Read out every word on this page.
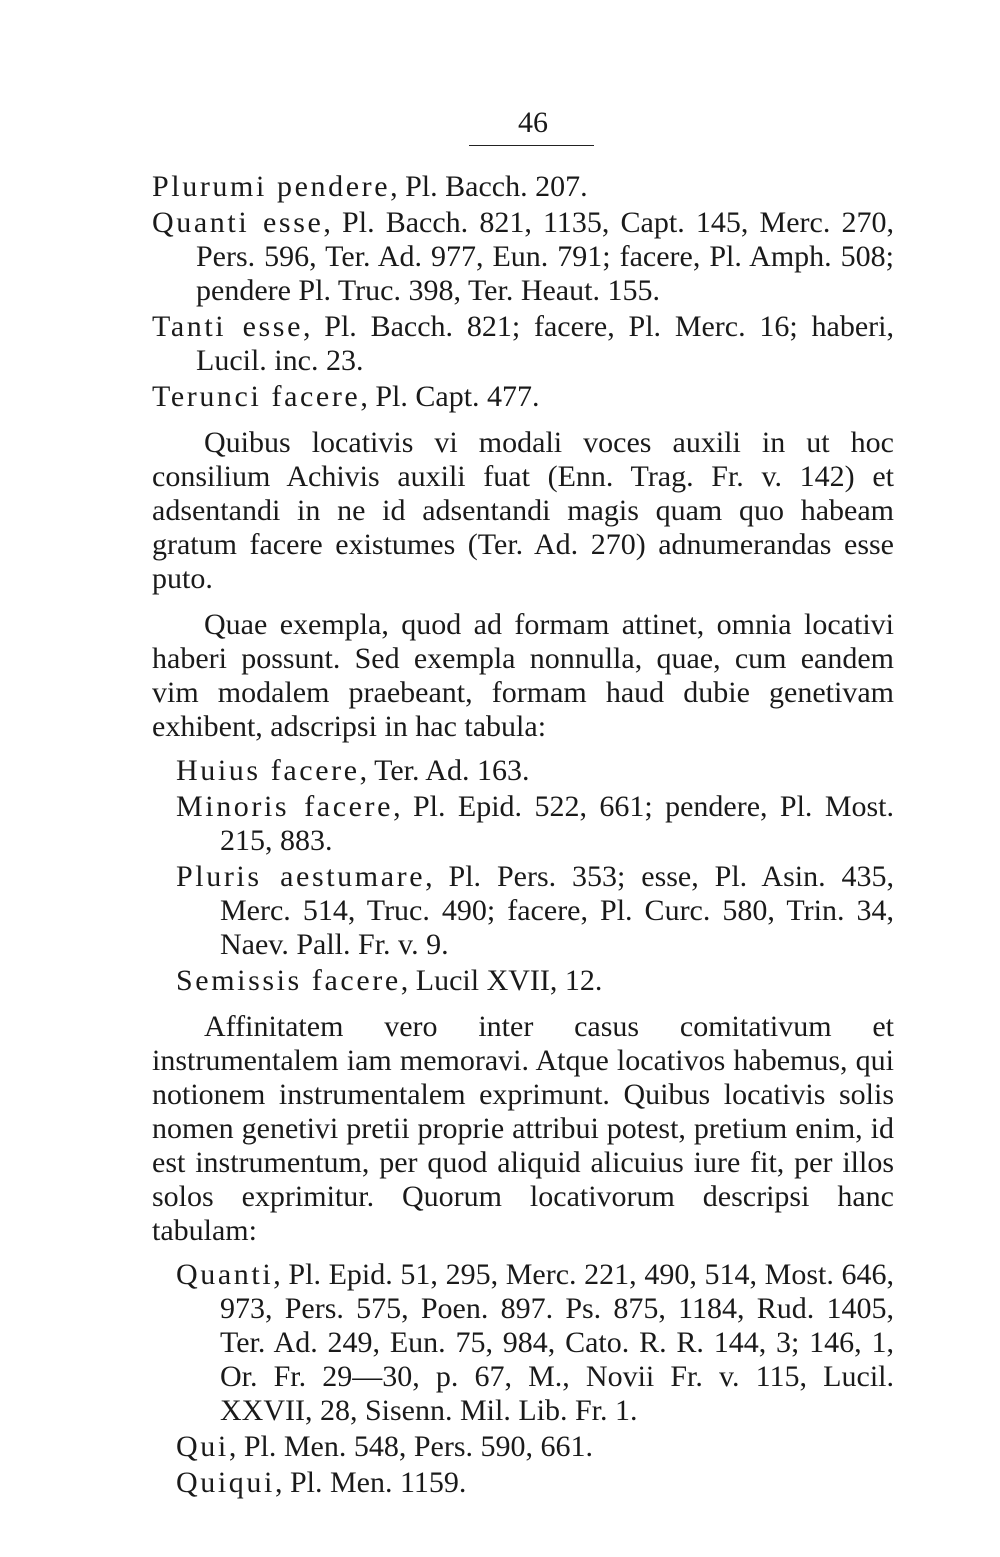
46

Plurumi pendere, Pl. Bacch. 207.

Quanti esse, Pl. Bacch. 821, 1135, Capt. 145, Merc. 270, Pers. 596, Ter. Ad. 977, Eun. 791; facere, Pl. Amph. 508; pendere Pl. Truc. 398, Ter. Heaut. 155.

Tanti esse, Pl. Bacch. 821; facere, Pl. Merc. 16; haberi, Lucil. inc. 23.

Terunci facere, Pl. Capt. 477.

Quibus locativis vi modali voces auxili in ut hoc consilium Achivis auxili fuat (Enn. Trag. Fr. v. 142) et adsentandi in ne id adsentandi magis quam quo habeam gratum facere existumes (Ter. Ad. 270) adnumerandas esse puto.

Quae exempla, quod ad formam attinet, omnia locativi haberi possunt. Sed exempla nonnulla, quae, cum eandem vim modalem praebeant, formam haud dubie genetivam exhibent, adscripsi in hac tabula:

Huius facere, Ter. Ad. 163.

Minoris facere, Pl. Epid. 522, 661; pendere, Pl. Most. 215, 883.

Pluris aestumare, Pl. Pers. 353; esse, Pl. Asin. 435, Merc. 514, Truc. 490; facere, Pl. Curc. 580, Trin. 34, Naev. Pall. Fr. v. 9.

Semissis facere, Lucil XVII, 12.

Affinitatem vero inter casus comitativum et instrumentalem iam memoravi. Atque locativos habemus, qui notionem instrumentalem exprimunt. Quibus locativis solis nomen genetivi pretii proprie attribui potest, pretium enim, id est instrumentum, per quod aliquid alicuius iure fit, per illos solos exprimitur. Quorum locativorum descripsi hanc tabulam:

Quanti, Pl. Epid. 51, 295, Merc. 221, 490, 514, Most. 646, 973, Pers. 575, Poen. 897. Ps. 875, 1184, Rud. 1405, Ter. Ad. 249, Eun. 75, 984, Cato. R. R. 144, 3; 146, 1, Or. Fr. 29—30, p. 67, M., Novii Fr. v. 115, Lucil. XXVII, 28, Sisenn. Mil. Lib. Fr. 1.

Qui, Pl. Men. 548, Pers. 590, 661.

Quiqui, Pl. Men. 1159.
